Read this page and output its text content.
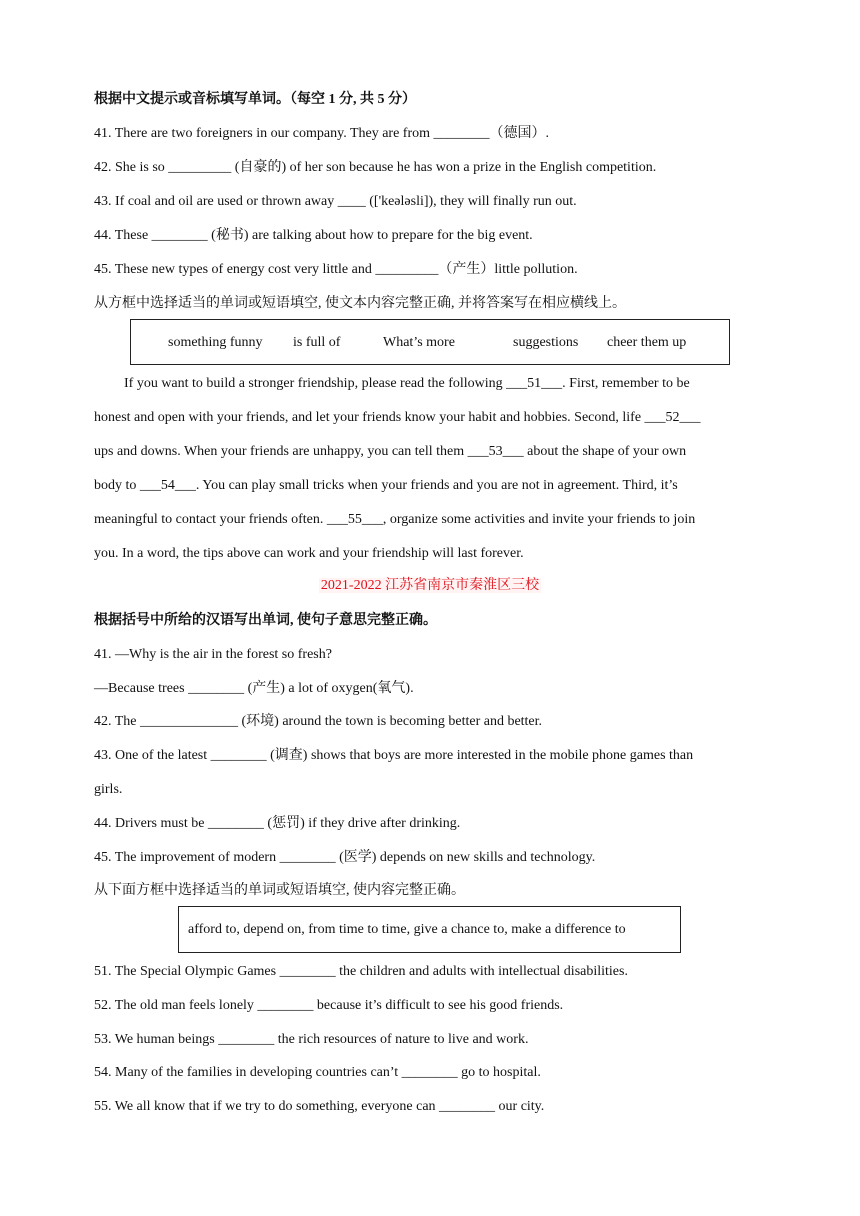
根据中文提示或音标填写单词。（每空 1 分, 共 5 分）
41. There are two foreigners in our company. They are from ________（德国）.
42. She is so _________ (自豪的) of her son because he has won a prize in the English competition.
43. If coal and oil are used or thrown away ____ (['keələsli]), they will finally run out.
44. These ________ (秘书) are talking about how to prepare for the big event.
45. These new types of energy cost very little and _________（产生）little pollution.
从方框中选择适当的单词或短语填空, 使文本内容完整正确, 并将答案写在相应横线上。
something funny is full of	What’s more	suggestions cheer them up
If you want to build a stronger friendship, please read the following ___51___. First, remember to be
honest and open with your friends, and let your friends know your habit and hobbies. Second, life ___52___
ups and downs. When your friends are unhappy, you can tell them ___53___ about the shape of your own
body to ___54___. You can play small tricks when your friends and you are not in agreement. Third, it’s
meaningful to contact your friends often. ___55___, organize some activities and invite your friends to join
you. In a word, the tips above can work and your friendship will last forever.
2021-2022 江苏省南京市秦淮区三校
根据括号中所给的汉语写出单词, 使句子意思完整正确。
41. —Why is the air in the forest so fresh?
—Because trees ________ (产生) a lot of oxygen(氧气).
42. The ______________ (环境) around the town is becoming better and better.
43. One of the latest ________ (调查) shows that boys are more interested in the mobile phone games than
girls.
44. Drivers must be ________ (惩罚) if they drive after drinking.
45. The improvement of modern ________ (医学) depends on new skills and technology.
从下面方框中选择适当的单词或短语填空, 使内容完整正确。
afford to, depend on, from time to time, give a chance to, make a difference to
51. The Special Olympic Games ________ the children and adults with intellectual disabilities.
52. The old man feels lonely ________ because it’s difficult to see his good friends.
53. We human beings ________ the rich resources of nature to live and work.
54. Many of the families in developing countries can’t ________ go to hospital.
55. We all know that if we try to do something, everyone can ________ our city.
